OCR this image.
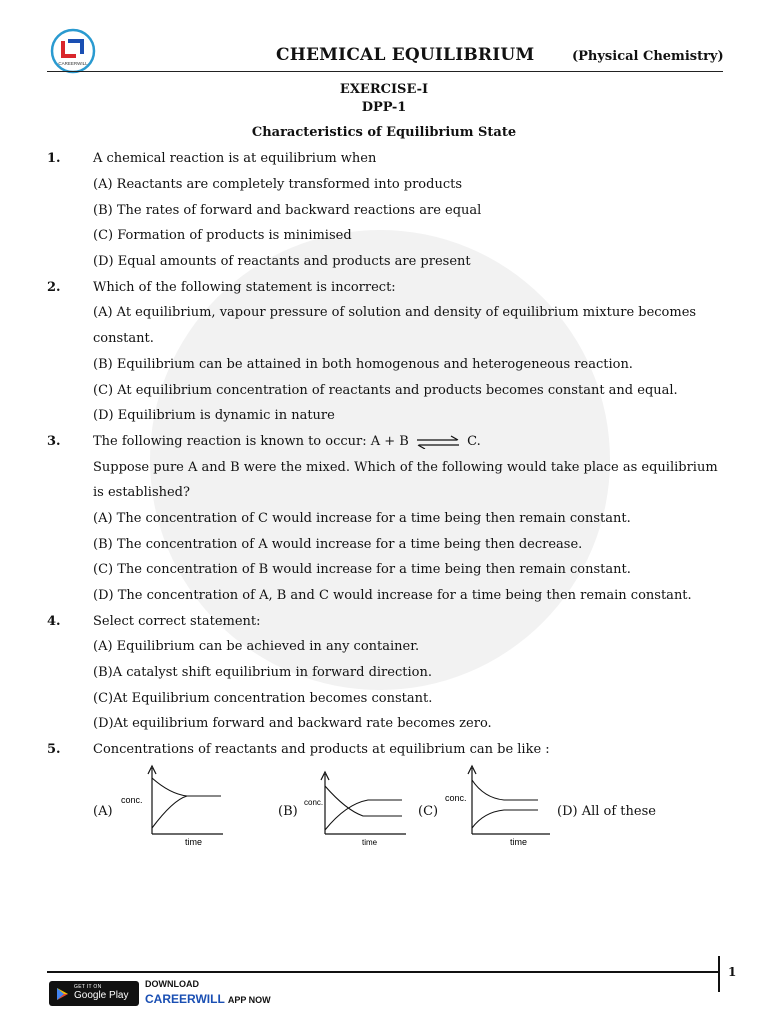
CAREERWILL	CHEMICAL EQUILIBRIUM	(Physical Chemistry)
EXERCISE-I
DPP-1
Characteristics of Equilibrium State
1. A chemical reaction is at equilibrium when
(A) Reactants are completely transformed into products
(B) The rates of forward and backward reactions are equal
(C) Formation of products is minimised
(D) Equal amounts of reactants and products are present
2. Which of the following statement is incorrect:
(A) At equilibrium, vapour pressure of solution and density of equilibrium mixture becomes
constant.
(B) Equilibrium can be attained in both homogenous and heterogeneous reaction.
(C) At equilibrium concentration of reactants and products becomes constant and equal.
(D) Equilibrium is dynamic in nature
3. The following reaction is known to occur: A + B ⇌ C.
Suppose pure A and B were the mixed. Which of the following would take place as equilibrium
is established?
(A) The concentration of C would increase for a time being then remain constant.
(B) The concentration of A would increase for a time being then decrease.
(C) The concentration of B would increase for a time being then remain constant.
(D) The concentration of A, B and C would increase for a time being then remain constant.
4. Select correct statement:
(A) Equilibrium can be achieved in any container.
(B)A catalyst shift equilibrium in forward direction.
(C)At Equilibrium concentration becomes constant.
(D)At equilibrium forward and backward rate becomes zero.
5. Concentrations of reactants and products at equilibrium can be like :
(A)	(B)	(C)	(D) All of these
conc.
time
conc.
time
conc.
time
1
GET IT ON
Google Play
DOWNLOAD
CAREERWILL APP NOW
